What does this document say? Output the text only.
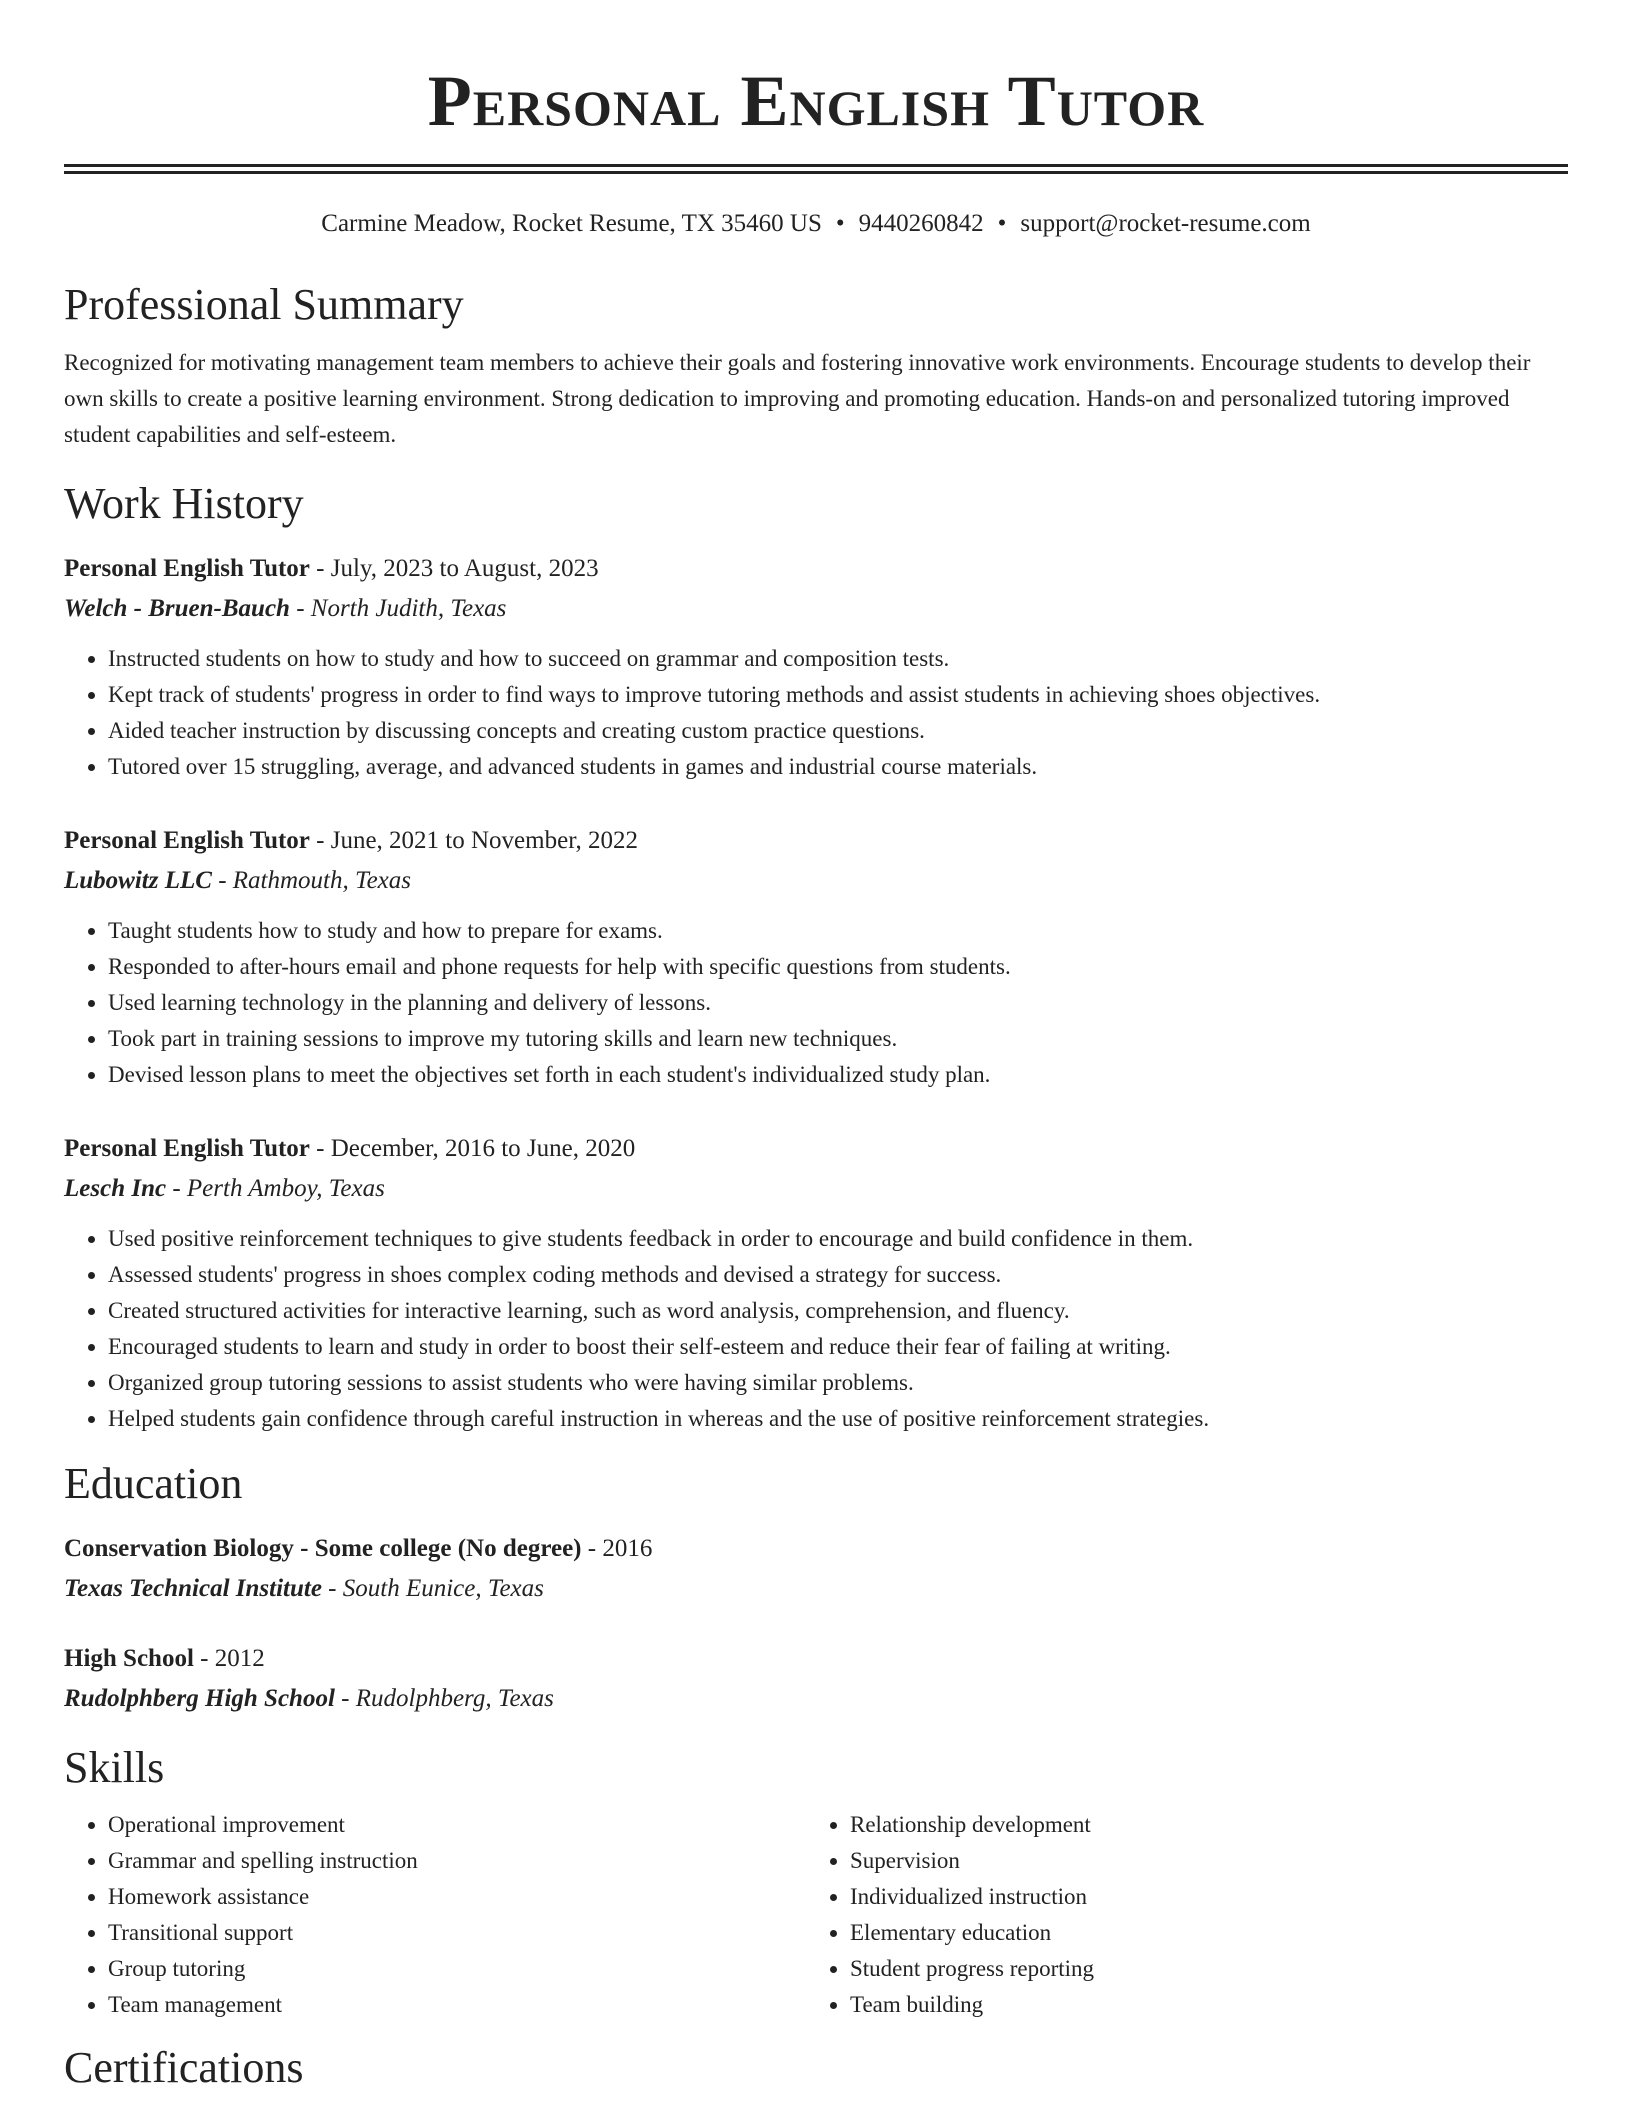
Personal English Tutor
Carmine Meadow, Rocket Resume, TX 35460 US • 9440260842 • support@rocket-resume.com
Professional Summary

Recognized for motivating management team members to achieve their goals and fostering innovative work environments. Encourage students to develop their own skills to create a positive learning environment. Strong dedication to improving and promoting education. Hands-on and personalized tutoring improved student capabilities and self-esteem.

Work History
Personal English Tutor - July, 2023 to August, 2023
Welch - Bruen-Bauch - North Judith, Texas
• Instructed students on how to study and how to succeed on grammar and composition tests.
• Kept track of students' progress in order to find ways to improve tutoring methods and assist students in achieving shoes objectives.
• Aided teacher instruction by discussing concepts and creating custom practice questions.
• Tutored over 15 struggling, average, and advanced students in games and industrial course materials.
Personal English Tutor - June, 2021 to November, 2022
Lubowitz LLC - Rathmouth, Texas
• Taught students how to study and how to prepare for exams.
• Responded to after-hours email and phone requests for help with specific questions from students.
• Used learning technology in the planning and delivery of lessons.
• Took part in training sessions to improve my tutoring skills and learn new techniques.
• Devised lesson plans to meet the objectives set forth in each student's individualized study plan.
Personal English Tutor - December, 2016 to June, 2020
Lesch Inc - Perth Amboy, Texas
• Used positive reinforcement techniques to give students feedback in order to encourage and build confidence in them.
• Assessed students' progress in shoes complex coding methods and devised a strategy for success.
• Created structured activities for interactive learning, such as word analysis, comprehension, and fluency.
• Encouraged students to learn and study in order to boost their self-esteem and reduce their fear of failing at writing.
• Organized group tutoring sessions to assist students who were having similar problems.
• Helped students gain confidence through careful instruction in whereas and the use of positive reinforcement strategies.
Education
Conservation Biology - Some college (No degree) - 2016
Texas Technical Institute - South Eunice, Texas
High School - 2012
Rudolphberg High School - Rudolphberg, Texas
Skills
• Operational improvement
• Grammar and spelling instruction
• Homework assistance
• Transitional support
• Group tutoring
• Team management
• Relationship development
• Supervision
• Individualized instruction
• Elementary education
• Student progress reporting
• Team building
Certifications
